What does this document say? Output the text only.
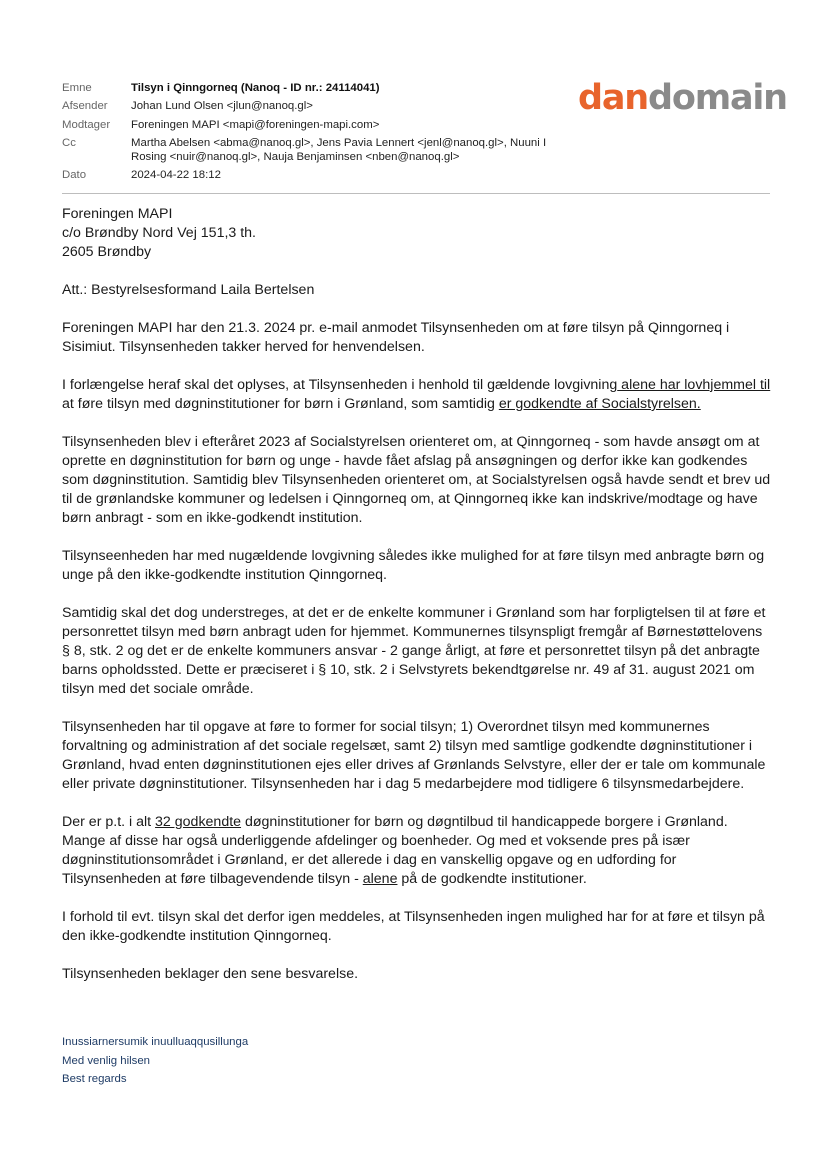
Emne	Tilsyn i Qinngorneq (Nanoq - ID nr.: 24114041)
Afsender	Johan Lund Olsen <jlun@nanoq.gl>
Modtager	Foreningen MAPI <mapi@foreningen-mapi.com>
Cc	Martha Abelsen <abma@nanoq.gl>, Jens Pavia Lennert <jenl@nanoq.gl>, Nuuni I
Rosing <nuir@nanoq.gl>, Nauja Benjaminsen <nben@nanoq.gl>
Dato	2024-04-22 18:12
dandomain

Foreningen MAPI

c/o Brøndby Nord Vej 151,3 th.

2605 Brøndby

Att.: Bestyrelsesformand Laila Bertelsen

Foreningen MAPI har den 21.3. 2024 pr. e-mail anmodet Tilsynsenheden om at føre tilsyn på Qinngorneq i Sisimiut. Tilsynsenheden takker herved for henvendelsen.

I forlængelse heraf skal det oplyses, at Tilsynsenheden i henhold til gældende lovgivning alene har lovhjemmel til at føre tilsyn med døgninstitutioner for børn i Grønland, som samtidig er godkendte af Socialstyrelsen.

Tilsynsenheden blev i efteråret 2023 af Socialstyrelsen orienteret om, at Qinngorneq - som havde ansøgt om at oprette en døgninstitution for børn og unge - havde fået afslag på ansøgningen og derfor ikke kan godkendes som døgninstitution. Samtidig blev Tilsynsenheden orienteret om, at Socialstyrelsen også havde sendt et brev ud til de grønlandske kommuner og ledelsen i Qinngorneq om, at Qinngorneq ikke kan indskrive/modtage og have børn anbragt - som en ikke-godkendt institution.

Tilsynseenheden har med nugældende lovgivning således ikke mulighed for at føre tilsyn med anbragte børn og unge på den ikke-godkendte institution Qinngorneq.

Samtidig skal det dog understreges, at det er de enkelte kommuner i Grønland som har forpligtelsen til at føre et personrettet tilsyn med børn anbragt uden for hjemmet. Kommunernes tilsynspligt fremgår af Børnestøttelovens § 8, stk. 2 og det er de enkelte kommuners ansvar - 2 gange årligt, at føre et personrettet tilsyn på det anbragte barns opholdssted. Dette er præciseret i § 10, stk. 2 i Selvstyrets bekendtgørelse nr. 49 af 31. august 2021 om tilsyn med det sociale område.

Tilsynsenheden har til opgave at føre to former for social tilsyn; 1) Overordnet tilsyn med kommunernes forvaltning og administration af det sociale regelsæt, samt 2) tilsyn med samtlige godkendte døgninstitutioner i Grønland, hvad enten døgninstitutionen ejes eller drives af Grønlands Selvstyre, eller der er tale om kommunale eller private døgninstitutioner. Tilsynsenheden har i dag 5 medarbejdere mod tidligere 6 tilsynsmedarbejdere.

Der er p.t. i alt 32 godkendte døgninstitutioner for børn og døgntilbud til handicappede borgere i Grønland. Mange af disse har også underliggende afdelinger og boenheder. Og med et voksende pres på især døgninstitutionsområdet i Grønland, er det allerede i dag en vanskellig opgave og en udfording for Tilsynsenheden at føre tilbagevendende tilsyn - alene på de godkendte institutioner.

I forhold til evt. tilsyn skal det derfor igen meddeles, at Tilsynsenheden ingen mulighed har for at føre et tilsyn på den ikke-godkendte institution Qinngorneq.

Tilsynsenheden beklager den sene besvarelse.

Inussiarnersumik inuulluaqqusillunga
Med venlig hilsen
Best regards
